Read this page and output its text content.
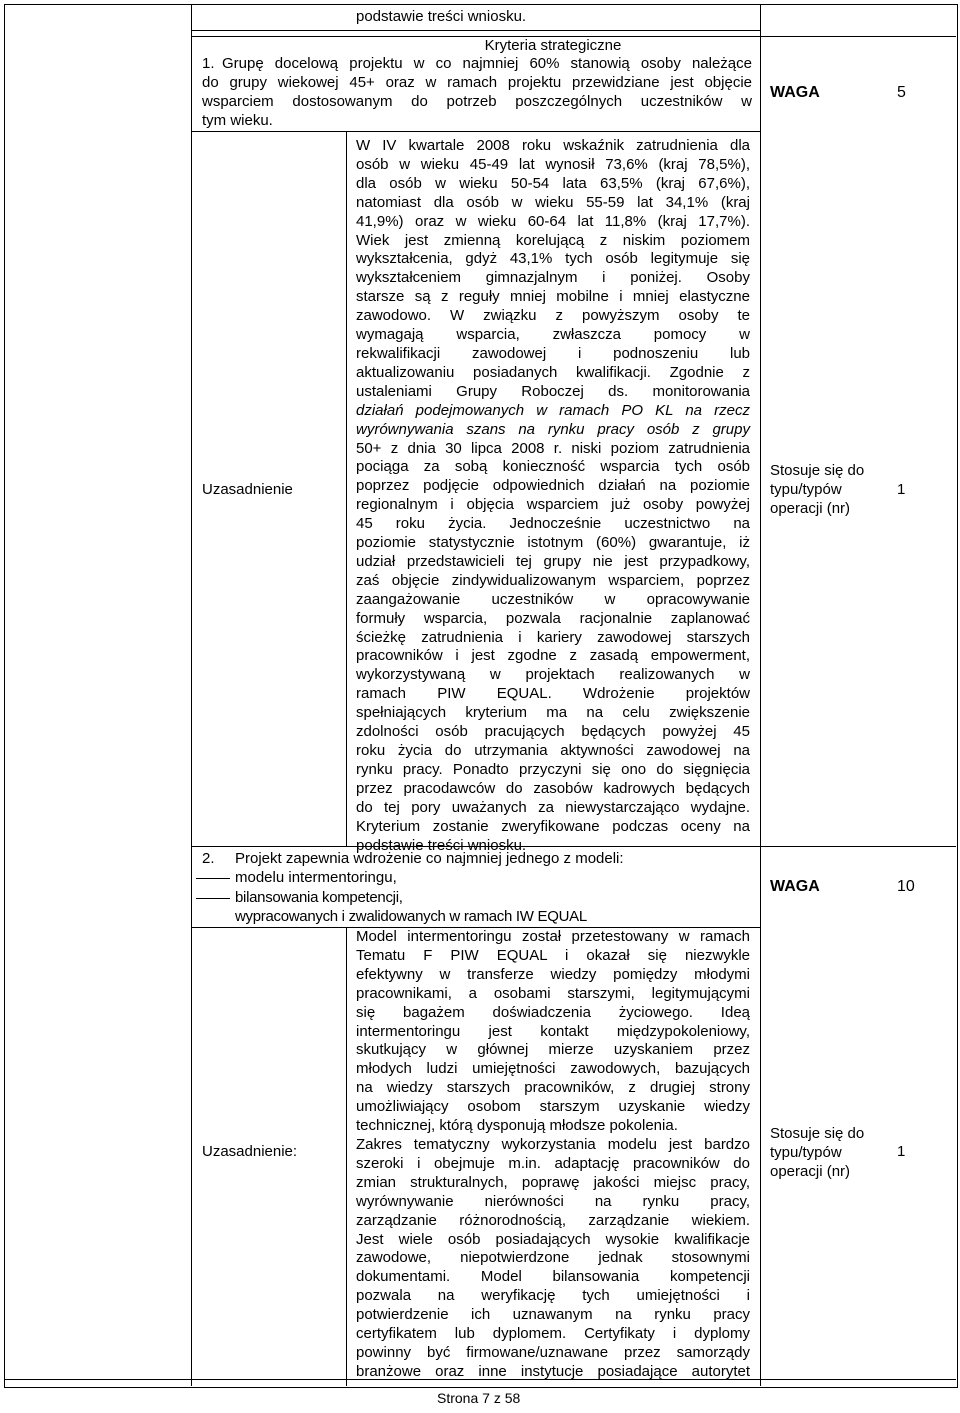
podstawie treści wniosku.
Kryteria strategiczne
1. Grupę docelową projektu w co najmniej 60% stanowią osoby należące

do grupy wiekowej 45+ oraz w ramach projektu przewidziane jest objęcie

wsparciem dostosowanym do potrzeb poszczególnych uczestników w

tym wieku.

WAGA	5
Uzasadnienie

W IV kwartale 2008 roku wskaźnik zatrudnienia dla

osób w wieku 45-49 lat wynosił 73,6% (kraj 78,5%),

dla osób w wieku 50-54 lata 63,5% (kraj 67,6%),

natomiast dla osób w wieku 55-59 lat 34,1% (kraj

41,9%) oraz w wieku 60-64 lat 11,8% (kraj 17,7%).

Wiek jest zmienną korelującą z niskim poziomem

wykształcenia, gdyż 43,1% tych osób legitymuje się

wykształceniem gimnazjalnym i poniżej. Osoby

starsze są z reguły mniej mobilne i mniej elastyczne

zawodowo. W związku z powyższym osoby te

wymagają wsparcia, zwłaszcza pomocy w

rekwalifikacji zawodowej i podnoszeniu lub

aktualizowaniu posiadanych kwalifikacji. Zgodnie z

ustaleniami Grupy Roboczej ds. monitorowania

działań podejmowanych w ramach PO KL na rzecz

wyrównywania szans na rynku pracy osób z grupy

50+ z dnia 30 lipca 2008 r. niski poziom zatrudnienia

pociąga za sobą konieczność wsparcia tych osób

poprzez podjęcie odpowiednich działań na poziomie

regionalnym i objęcia wsparciem już osoby powyżej

45 roku życia. Jednocześnie uczestnictwo na

poziomie statystycznie istotnym (60%) gwarantuje, iż

udział przedstawicieli tej grupy nie jest przypadkowy,

zaś objęcie zindywidualizowanym wsparciem, poprzez

zaangażowanie uczestników w opracowywanie

formuły wsparcia, pozwala racjonalnie zaplanować

ścieżkę zatrudnienia i kariery zawodowej starszych

pracowników i jest zgodne z zasadą empowerment,

wykorzystywaną w projektach realizowanych w

ramach PIW EQUAL. Wdrożenie projektów

spełniających kryterium ma na celu zwiększenie

zdolności osób pracujących będących powyżej 45

roku życia do utrzymania aktywności zawodowej na

rynku pracy. Ponadto przyczyni się ono do sięgnięcia

przez pracodawców do zasobów kadrowych będących

do tej pory uważanych za niewystarczająco wydajne.

Kryterium zostanie zweryfikowane podczas oceny na

podstawie treści wniosku.

Stosuje się do

typu/typów

operacji (nr)

1
2. Projekt zapewnia wdrożenie co najmniej jednego z modeli:
modelu intermentoringu,
bilansowania kompetencji,
wypracowanych i zwalidowanych w ramach IW EQUAL
WAGA	10
Uzasadnienie:

Model intermentoringu został przetestowany w ramach

Tematu F PIW EQUAL i okazał się niezwykle

efektywny w transferze wiedzy pomiędzy młodymi

pracownikami, a osobami starszymi, legitymującymi

się bagażem doświadczenia życiowego. Ideą

intermentoringu jest kontakt międzypokoleniowy,

skutkujący w głównej mierze uzyskaniem przez

młodych ludzi umiejętności zawodowych, bazujących

na wiedzy starszych pracowników, z drugiej strony

umożliwiający osobom starszym uzyskanie wiedzy

technicznej, którą dysponują młodsze pokolenia.

Zakres tematyczny wykorzystania modelu jest bardzo

szeroki i obejmuje m.in. adaptację pracowników do

zmian strukturalnych, poprawę jakości miejsc pracy,

wyrównywanie nierówności na rynku pracy,

zarządzanie różnorodnością, zarządzanie wiekiem.

Jest wiele osób posiadających wysokie kwalifikacje

zawodowe, niepotwierdzone jednak stosownymi

dokumentami. Model bilansowania kompetencji

pozwala na weryfikację tych umiejętności i

potwierdzenie ich uznawanym na rynku pracy

certyfikatem lub dyplomem. Certyfikaty i dyplomy

powinny być firmowane/uznawane przez samorządy

branżowe oraz inne instytucje posiadające autorytet

Stosuje się do

typu/typów

operacji (nr)

1
Strona 7 z 58
